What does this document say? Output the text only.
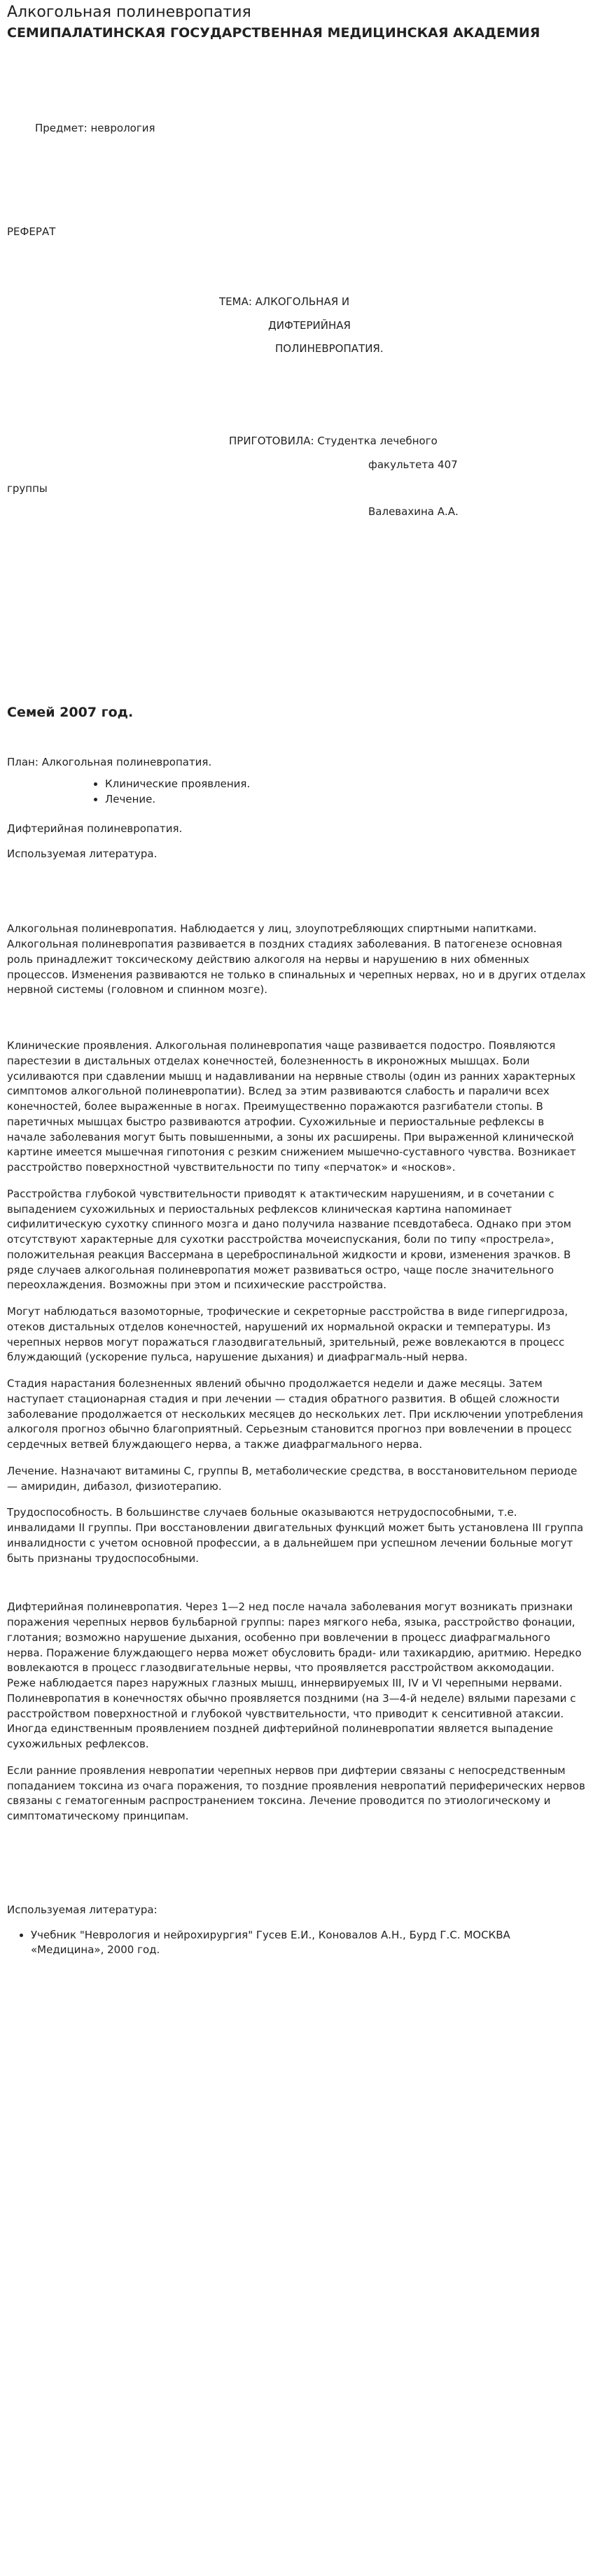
Алкогольная полиневропатия
СЕМИПАЛАТИНСКАЯ ГОСУДАРСТВЕННАЯ МЕДИЦИНСКАЯ АКАДЕМИЯ

Предмет: неврология

РЕФЕРАТ

ТЕМА: АЛКОГОЛЬНАЯ И

ДИФТЕРИЙНАЯ

ПОЛИНЕВРОПАТИЯ.

ПРИГОТОВИЛА: Студентка лечебного

факультета 407

группы

Валевахина А.А.

Семей 2007 год.

План: Алкогольная полиневропатия.

• Клинические проявления.
• Лечение.

Дифтерийная полиневропатия.

Используемая литература.

Алкогольная полиневропатия. Наблюдается у лиц, злоупотребляющих спиртными напитками. Алкогольная полиневропатия развивается в поздних стадиях заболевания. В патогенезе основная роль принадлежит токсическому действию алкоголя на нервы и нарушению в них обменных процессов. Изменения развиваются не только в спинальных и черепных нервах, но и в других отделах нервной системы (головном и спинном мозге).

Клинические проявления. Алкогольная полиневропатия чаще развивается подостро. Появляются парестезии в дистальных отделах конечностей, болезненность в икроножных мышцах. Боли усиливаются при сдавлении мышц и надавливании на нервные стволы (один из ранних характерных симптомов алкогольной полиневропатии). Вслед за этим развиваются слабость и параличи всех конечностей, более выраженные в ногах. Преимущественно поражаются разгибатели стопы. В паретичных мышцах быстро развиваются атрофии. Сухожильные и периостальные рефлексы в начале заболевания могут быть повышенными, а зоны их расширены. При выраженной клинической картине имеется мышечная гипотония с резким снижением мышечно-суставного чувства. Возникает расстройство поверхностной чувствительности по типу «перчаток» и «носков».

Расстройства глубокой чувствительности приводят к атактическим нарушениям, и в сочетании с выпадением сухожильных и периостальных рефлексов клиническая картина напоминает сифилитическую сухотку спинного мозга и дано получила название псевдотабеса. Однако при этом отсутствуют характерные для сухотки расстройства мочеиспускания, боли по типу «прострела», положительная реакция Вассермана в цереброспинальной жидкости и крови, изменения зрачков. В ряде случаев алкогольная полиневропатия может развиваться остро, чаще после значительного переохлаждения. Возможны при этом и психические расстройства.

Могут наблюдаться вазомоторные, трофические и секреторные расстройства в виде гипергидроза, отеков дистальных отделов конечностей, нарушений их нормальной окраски и температуры. Из черепных нервов могут поражаться глазодвигательный, зрительный, реже вовлекаются в процесс блуждающий (ускорение пульса, нарушение дыхания) и диафрагмаль-ный нерва.

Стадия нарастания болезненных явлений обычно продолжается недели и даже месяцы. Затем наступает стационарная стадия и при лечении — стадия обратного развития. В общей сложности заболевание продолжается от нескольких месяцев до нескольких лет. При исключении употребления алкоголя прогноз обычно благоприятный. Серьезным становится прогноз при вовлечении в процесс сердечных ветвей блуждающего нерва, а также диафрагмального нерва.

Лечение. Назначают витамины С, группы В, метаболические средства, в восстановительном периоде — амиридин, дибазол, физиотерапию.

Трудоспособность. В большинстве случаев больные оказываются нетрудоспособными, т.е. инвалидами II группы. При восстановлении двигательных функций может быть установлена III группа инвалидности с учетом основной профессии, а в дальнейшем при успешном лечении больные могут быть признаны трудоспособными.

Дифтерийная полиневропатия. Через 1—2 нед после начала заболевания могут возникать признаки поражения черепных нервов бульбарной группы: парез мягкого неба, языка, расстройство фонации, глотания; возможно нарушение дыхания, особенно при вовлечении в процесс диафрагмального нерва. Поражение блуждающего нерва может обусловить бради- или тахикардию, аритмию. Нередко вовлекаются в процесс глазодвигательные нервы, что проявляется расстройством аккомодации. Реже наблюдается парез наружных глазных мышц, иннервируемых III, IV и VI черепными нервами. Полиневропатия в конечностях обычно проявляется поздними (на 3—4-й неделе) вялыми парезами с расстройством поверхностной и глубокой чувствительности, что приводит к сенситивной атаксии. Иногда единственным проявлением поздней дифтерийной полиневропатии является выпадение сухожильных рефлексов.

Если ранние проявления невропатии черепных нервов при дифтерии связаны с непосредственным попаданием токсина из очага поражения, то поздние проявления невропатий периферических нервов связаны с гематогенным распространением токсина. Лечение проводится по этиологическому и симптоматическому принципам.

Используемая литература:

• Учебник "Неврология и нейрохирургия" Гусев Е.И., Коновалов А.Н., Бурд Г.С. МОСКВА «Медицина», 2000 год.
